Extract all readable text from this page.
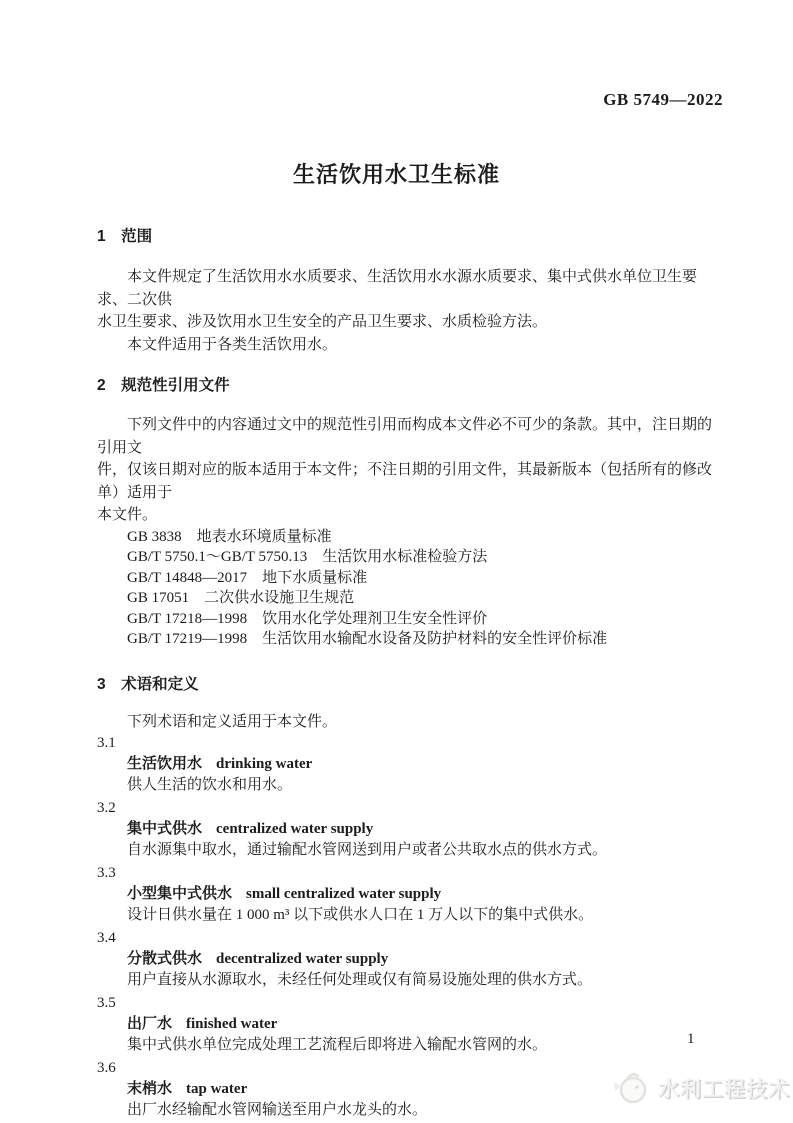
GB 5749—2022
生活饮用水卫生标准

1　范围

本文件规定了生活饮用水水质要求、生活饮用水水源水质要求、集中式供水单位卫生要求、二次供

水卫生要求、涉及饮用水卫生安全的产品卫生要求、水质检验方法。

本文件适用于各类生活饮用水。

2　规范性引用文件

下列文件中的内容通过文中的规范性引用而构成本文件必不可少的条款。其中，注日期的引用文

件，仅该日期对应的版本适用于本文件；不注日期的引用文件，其最新版本（包括所有的修改单）适用于

本文件。

GB 3838　地表水环境质量标准
GB/T 5750.1～GB/T 5750.13　生活饮用水标准检验方法
GB/T 14848—2017　地下水质量标准
GB 17051　二次供水设施卫生规范
GB/T 17218—1998　饮用水化学处理剂卫生安全性评价
GB/T 17219—1998　生活饮用水输配水设备及防护材料的安全性评价标准

3　术语和定义

下列术语和定义适用于本文件。

3.1

生活饮用水 drinking water

供人生活的饮水和用水。

3.2

集中式供水 centralized water supply

自水源集中取水，通过输配水管网送到用户或者公共取水点的供水方式。

3.3

小型集中式供水 small centralized water supply

设计日供水量在 1 000 m³ 以下或供水人口在 1 万人以下的集中式供水。

3.4

分散式供水 decentralized water supply

用户直接从水源取水，未经任何处理或仅有简易设施处理的供水方式。

3.5

出厂水 finished water

集中式供水单位完成处理工艺流程后即将进入输配水管网的水。

3.6

末梢水 tap water

出厂水经输配水管网输送至用户水龙头的水。

1
水利工程技术
